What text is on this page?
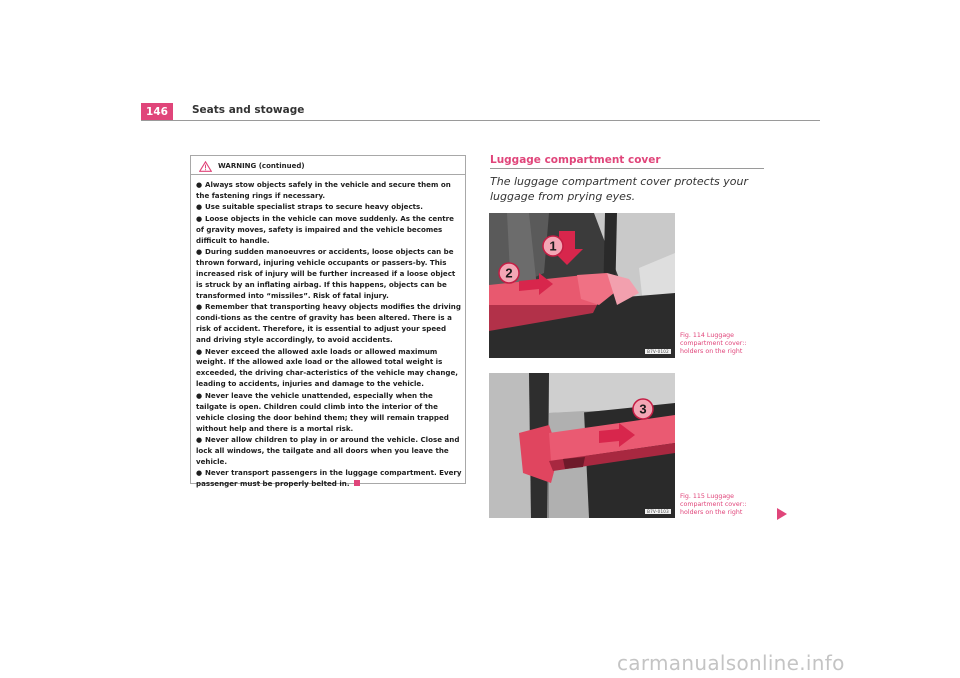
146	Seats and stowage
WARNING (continued)
● Always stow objects safely in the vehicle and secure them on the fastening rings if necessary.
● Use suitable specialist straps to secure heavy objects.
● Loose objects in the vehicle can move suddenly. As the centre of gravity moves, safety is impaired and the vehicle becomes difficult to handle.
● During sudden manoeuvres or accidents, loose objects can be thrown forward, injuring vehicle occupants or passers-by. This increased risk of injury will be further increased if a loose object is struck by an inflating airbag. If this happens, objects can be transformed into “missiles”. Risk of fatal injury.
● Remember that transporting heavy objects modifies the driving condi-tions as the centre of gravity has been altered. There is a risk of accident. Therefore, it is essential to adjust your speed and driving style accordingly, to avoid accidents.
● Never exceed the allowed axle loads or allowed maximum weight. If the allowed axle load or the allowed total weight is exceeded, the driving char-acteristics of the vehicle may change, leading to accidents, injuries and damage to the vehicle.
● Never leave the vehicle unattended, especially when the tailgate is open. Children could climb into the interior of the vehicle closing the door behind them; they will remain trapped without help and there is a mortal risk.
● Never allow children to play in or around the vehicle. Close and lock all windows, the tailgate and all doors when you leave the vehicle.
● Never transport passengers in the luggage compartment. Every passenger must be properly belted in.
Luggage compartment cover
The luggage compartment cover protects your luggage from prying eyes.
1
2
B7V-0102
Fig. 114 Luggage compartment cover:: holders on the right
3
B7V-0103
Fig. 115 Luggage compartment cover:: holders on the right
carmanualsonline.info
